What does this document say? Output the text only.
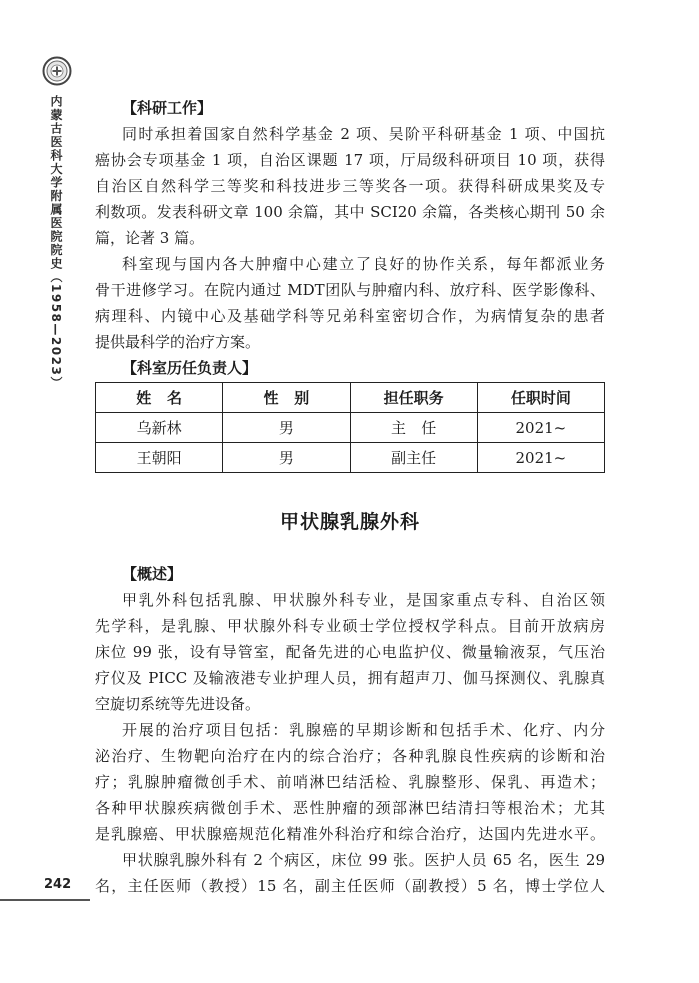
内蒙古医科大学附属医院院史（1958—2023）
242
【科研工作】
同时承担着国家自然科学基金 2 项、吴阶平科研基金 1 项、中国抗
癌协会专项基金 1 项，自治区课题 17 项，厅局级科研项目 10 项，获得
自治区自然科学三等奖和科技进步三等奖各一项。获得科研成果奖及专
利数项。发表科研文章 100 余篇，其中 SCI20 余篇，各类核心期刊 50 余
篇，论著 3 篇。
科室现与国内各大肿瘤中心建立了良好的协作关系，每年都派业务
骨干进修学习。在院内通过 MDT团队与肿瘤内科、放疗科、医学影像科、
病理科、内镜中心及基础学科等兄弟科室密切合作，为病情复杂的患者
提供最科学的治疗方案。
【科室历任负责人】
姓 名	性 别	担任职务	任职时间
乌新林	男	主 任	2021~
王朝阳	男	副主任	2021~
甲状腺乳腺外科
【概述】
甲乳外科包括乳腺、甲状腺外科专业，是国家重点专科、自治区领
先学科，是乳腺、甲状腺外科专业硕士学位授权学科点。目前开放病房
床位 99 张，设有导管室，配备先进的心电监护仪、微量输液泵，气压治
疗仪及 PICC 及输液港专业护理人员，拥有超声刀、伽马探测仪、乳腺真
空旋切系统等先进设备。
开展的治疗项目包括：乳腺癌的早期诊断和包括手术、化疗、内分
泌治疗、生物靶向治疗在内的综合治疗；各种乳腺良性疾病的诊断和治
疗；乳腺肿瘤微创手术、前哨淋巴结活检、乳腺整形、保乳、再造术；
各种甲状腺疾病微创手术、恶性肿瘤的颈部淋巴结清扫等根治术；尤其
是乳腺癌、甲状腺癌规范化精准外科治疗和综合治疗，达国内先进水平。
甲状腺乳腺外科有 2 个病区，床位 99 张。医护人员 65 名，医生 29
名，主任医师（教授）15 名，副主任医师（副教授）5 名，博士学位人
